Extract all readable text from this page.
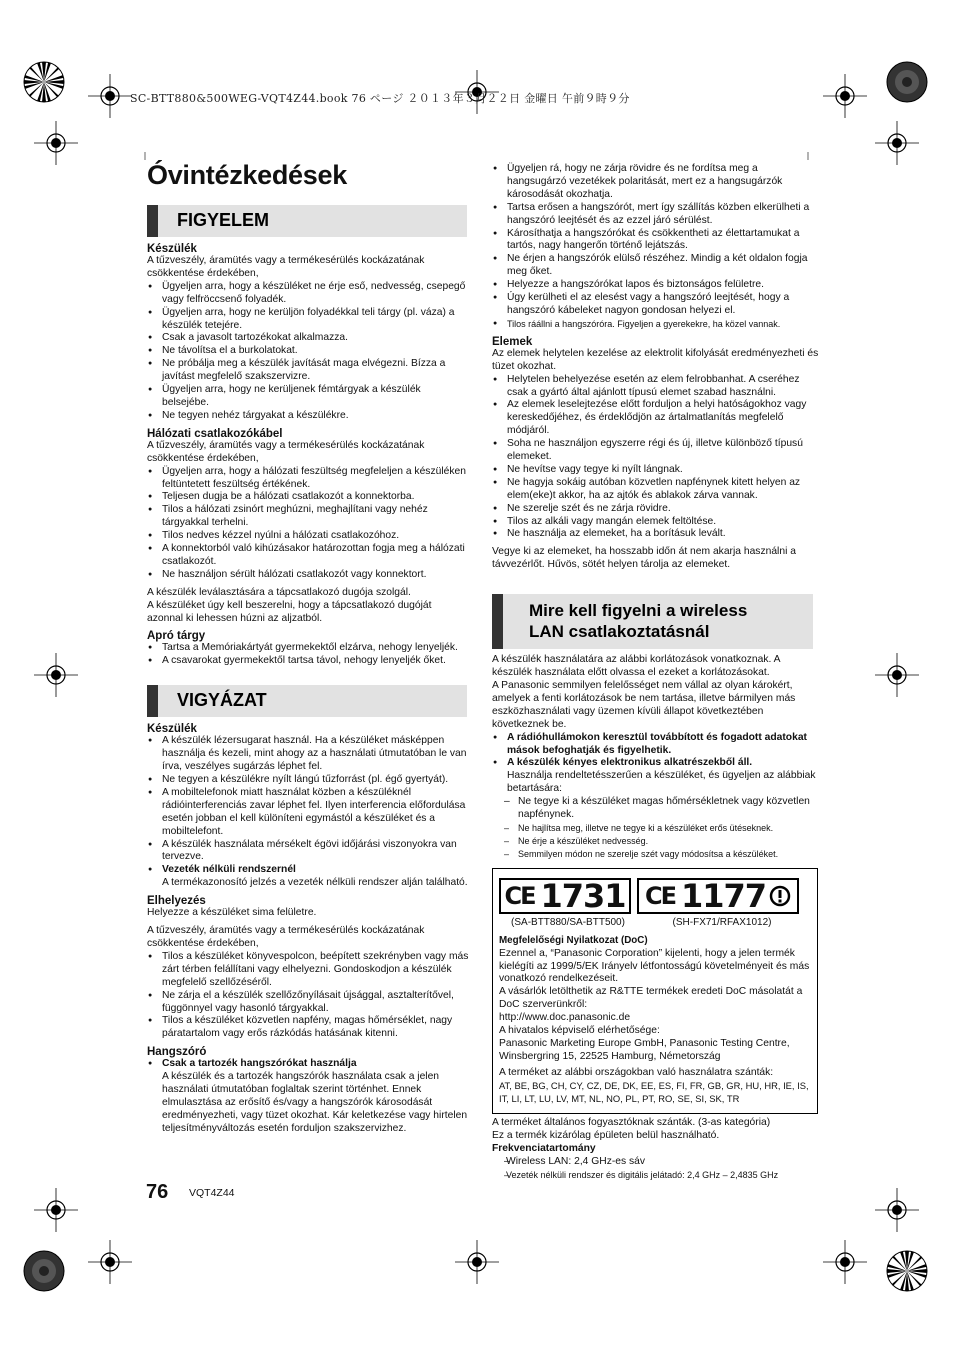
SC-BTT880&500WEG-VQT4Z44.book 76 ページ ２０１３年３月２２日 金曜日 午前９時９分
Óvintézkedések
FIGYELEM
Készülék
A tűzveszély, áramütés vagy a termékesérülés kockázatának csökkentése érdekében,
● Ügyeljen arra, hogy a készüléket ne érje eső, nedvesség, csepegő vagy felfröccsenő folyadék.
● Ügyeljen arra, hogy ne kerüljön folyadékkal teli tárgy (pl. váza) a készülék tetejére.
● Csak a javasolt tartozékokat alkalmazza.
● Ne távolítsa el a burkolatokat.
● Ne próbálja meg a készülék javítását maga elvégezni. Bízza a javítást megfelelő szakszervizre.
● Ügyeljen arra, hogy ne kerüljenek fémtárgyak a készülék belsejébe.
● Ne tegyen nehéz tárgyakat a készülékre.
Hálózati csatlakozókábel
A tűzveszély, áramütés vagy a termékesérülés kockázatának csökkentése érdekében,
● Ügyeljen arra, hogy a hálózati feszültség megfeleljen a készüléken feltüntetett feszültség értékének.
● Teljesen dugja be a hálózati csatlakozót a konnektorba.
● Tilos a hálózati zsinórt meghúzni, meghajlítani vagy nehéz tárgyakkal terhelni.
● Tilos nedves kézzel nyúlni a hálózati csatlakozóhoz.
● A konnektorból való kihúzásakor határozottan fogja meg a hálózati csatlakozót.
● Ne használjon sérült hálózati csatlakozót vagy konnektort.
A készülék leválasztására a tápcsatlakozó dugója szolgál.
A készüléket úgy kell beszerelni, hogy a tápcsatlakozó dugóját azonnal ki lehessen húzni az aljzatból.
Apró tárgy
● Tartsa a Memóriakártyát gyermekektől elzárva, nehogy lenyeljék.
● A csavarokat gyermekektől tartsa távol, nehogy lenyeljék őket.
VIGYÁZAT
Készülék
● A készülék lézersugarat használ. Ha a készüléket másképpen használja és kezeli, mint ahogy az a használati útmutatóban le van írva, veszélyes sugárzás léphet fel.
● Ne tegyen a készülékre nyílt lángú tűzforrást (pl. égő gyertyát).
● A mobiltelefonok miatt használat közben a készüléknél rádióinterferenciás zavar léphet fel. Ilyen interferencia előfordulása esetén jobban el kell különíteni egymástól a készüléket és a mobiltelefont.
● A készülék használata mérsékelt égövi időjárási viszonyokra van tervezve.
● Vezeték nélküli rendszernél
A termékazonosító jelzés a vezeték nélküli rendszer alján található.
Elhelyezés
Helyezze a készüléket sima felületre.
A tűzveszély, áramütés vagy a termékesérülés kockázatának csökkentése érdekében,
● Tilos a készüléket könyvespolcon, beépített szekrényben vagy más zárt térben felállítani vagy elhelyezni. Gondoskodjon a készülék megfelelő szellőzéséről.
● Ne zárja el a készülék szellőzőnyílásait újsággal, asztalterítővel, függönnyel vagy hasonló tárgyakkal.
● Tilos a készüléket közvetlen napfény, magas hőmérséklet, nagy páratartalom vagy erős rázkódás hatásának kitenni.
Hangszóró
● Csak a tartozék hangszórókat használja
A készülék és a tartozék hangszórók használata csak a jelen használati útmutatóban foglaltak szerint történhet. Ennek elmulasztása az erősítő és/vagy a hangszórók károsodását eredményezheti, vagy tüzet okozhat. Kár keletkezése vagy hirtelen teljesítményváltozás esetén forduljon szakszervizhez.
● Ügyeljen rá, hogy ne zárja rövidre és ne fordítsa meg a hangsugárzó vezetékek polaritását, mert ez a hangsugárzók károsodását okozhatja.
● Tartsa erősen a hangszórót, mert így szállítás közben elkerülheti a hangszóró leejtését és az ezzel járó sérülést.
● Károsíthatja a hangszórókat és csökkentheti az élettartamukat a tartós, nagy hangerőn történő lejátszás.
● Ne érjen a hangszórók elülső részéhez. Mindig a két oldalon fogja meg őket.
● Helyezze a hangszórókat lapos és biztonságos felületre.
● Úgy kerülheti el az elesést vagy a hangszóró leejtését, hogy a hangszóró kábeleket nagyon gondosan helyezi el.
● Tilos ráállni a hangszóróra. Figyeljen a gyerekekre, ha közel vannak.
Elemek
Az elemek helytelen kezelése az elektrolit kifolyását eredményezheti és tüzet okozhat.
● Helytelen behelyezése esetén az elem felrobbanhat. A cseréhez csak a gyártó által ajánlott típusú elemet szabad használni.
● Az elemek leselejtezése előtt forduljon a helyi hatóságokhoz vagy kereskedőjéhez, és érdeklődjön az ártalmatlanítás megfelelő módjáról.
● Soha ne használjon egyszerre régi és új, illetve különböző típusú elemeket.
● Ne hevítse vagy tegye ki nyílt lángnak.
● Ne hagyja sokáig autóban közvetlen napfénynek kitett helyen az elem(eke)t akkor, ha az ajtók és ablakok zárva vannak.
● Ne szerelje szét és ne zárja rövidre.
● Tilos az alkáli vagy mangán elemek feltöltése.
● Ne használja az elemeket, ha a borításuk levált.
Vegye ki az elemeket, ha hosszabb időn át nem akarja használni a távvezérlőt. Hűvös, sötét helyen tárolja az elemeket.
Mire kell figyelni a wireless
LAN csatlakoztatásnál
A készülék használatára az alábbi korlátozások vonatkoznak. A készülék használata előtt olvassa el ezeket a korlátozásokat.
A Panasonic semmilyen felelősséget nem vállal az olyan károkért, amelyek a fenti korlátozások be nem tartása, illetve bármilyen más eszközhasználati vagy üzemen kívüli állapot következtében következnek be.
● A rádióhullámokon keresztül továbbított és fogadott adatokat mások befoghatják és figyelhetik.
● A készülék kényes elektronikus alkatrészekből áll.
Használja rendeltetésszerűen a készüléket, és ügyeljen az alábbiak betartására:
– Ne tegye ki a készüléket magas hőmérsékletnek vagy közvetlen napfénynek.
– Ne hajlítsa meg, illetve ne tegye ki a készüléket erős ütéseknek.
– Ne érje a készüléket nedvesség.
– Semmilyen módon ne szerelje szét vagy módosítsa a készüléket.
CE 1731 CE 1177
(SA-BTT880/SA-BTT500)	(SH-FX71/RFAX1012)
Megfelelőségi Nyilatkozat (DoC)
Ezennel a, “Panasonic Corporation” kijelenti, hogy a jelen termék kielégíti az 1999/5/EK Irányelv létfontosságú követelményeit és más vonatkozó rendelkezéseit.
A vásárlók letölthetik az R&TTE termékek eredeti DoC másolatát a DoC szerverünkről:
http://www.doc.panasonic.de
A hivatalos képviselő elérhetősége:
Panasonic Marketing Europe GmbH, Panasonic Testing Centre, Winsbergring 15, 22525 Hamburg, Németország
A terméket az alábbi országokban való használatra szánták:
AT, BE, BG, CH, CY, CZ, DE, DK, EE, ES, FI, FR, GB, GR, HU, HR, IE, IS, IT, LI, LT, LU, LV, MT, NL, NO, PL, PT, RO, SE, SI, SK, TR
A terméket általános fogyasztóknak szánták. (3-as kategória)
Ez a termék kizárólag épületen belül használható.
Frekvenciatartomány
– Wireless LAN: 2,4 GHz-es sáv
– Vezeték nélküli rendszer és digitális jelátadó: 2,4 GHz – 2,4835 GHz
76 VQT4Z44
